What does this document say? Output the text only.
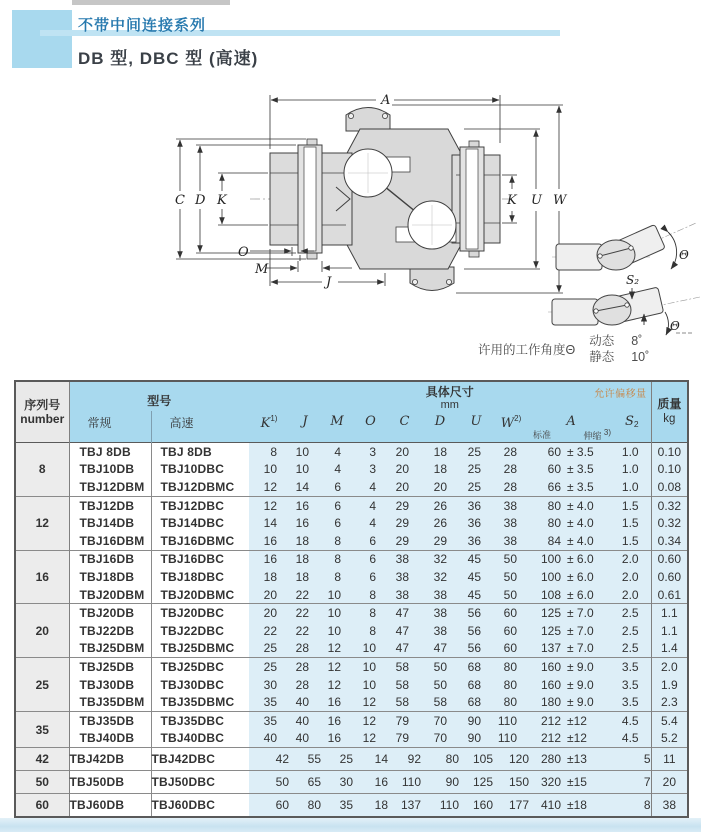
不带中间连接系列
DB 型, DBC 型 (高速)
A
C D K	K U W
O
M
J
Θ
S₂
Θ
许用的工作角度Θ
动态	8˚
静态	10˚
序列号
number
	型号	允许偏移量
具体尺寸
mm	质量
kg

	常规	高速	$K^{1)}$	J	M	O	C	D	U	$W^{2)}$	A
标准 伸缩 $^{3)}$	$S_2$
8	TBJ 8DB	TBJ 8DB	8	10	4	3	20	18	25	28	60 ± 3.5	1.0	0.10
	TBJ10DB	TBJ10DBC	10	10	4	3	20	18	25	28	60 ± 3.5	1.0	0.10
	TBJ12DBM	TBJ12DBMC	12	14	6	4	20	20	25	28	66 ± 3.5	1.0	0.08
12	TBJ12DB	TBJ12DBC	12	16	6	4	29	26	36	38	80 ± 4.0	1.5	0.32
	TBJ14DB	TBJ14DBC	14	16	6	4	29	26	36	38	80 ± 4.0	1.5	0.32
	TBJ16DBM	TBJ16DBMC	16	18	8	6	29	29	36	38	84 ± 4.0	1.5	0.34
16	TBJ16DB	TBJ16DBC	16	18	8	6	38	32	45	50	100 ± 6.0	2.0	0.60
	TBJ18DB	TBJ18DBC	18	18	8	6	38	32	45	50	100 ± 6.0	2.0	0.60
	TBJ20DBM	TBJ20DBMC	20	22	10	8	38	38	45	50	108 ± 6.0	2.0	0.61
20	TBJ20DB	TBJ20DBC	20	22	10	8	47	38	56	60	125 ± 7.0	2.5	1.1
	TBJ22DB	TBJ22DBC	22	22	10	8	47	38	56	60	125 ± 7.0	2.5	1.1
	TBJ25DBM	TBJ25DBMC	25	28	12	10	47	47	56	60	137 ± 7.0	2.5	1.4
25	TBJ25DB	TBJ25DBC	25	28	12	10	58	50	68	80	160 ± 9.0	3.5	2.0
	TBJ30DB	TBJ30DBC	30	28	12	10	58	50	68	80	160 ± 9.0	3.5	1.9
	TBJ35DBM	TBJ35DBMC	35	40	16	12	58	58	68	80	180 ± 9.0	3.5	2.3
35	TBJ35DB	TBJ35DBC	35	40	16	12	79	70	90	110	212 ±12	4.5	5.4
	TBJ40DB	TBJ40DBC	40	40	16	12	79	70	90	110	212 ±12	4.5	5.2
42	TBJ42DB	TBJ42DBC	42	55	25	14	92	80	105	120	280 ±13	5	11
50	TBJ50DB	TBJ50DBC	50	65	30	16	110	90	125	150	320 ±15	7	20
60	TBJ60DB	TBJ60DBC	60	80	35	18	137	110	160	177	410 ±18	8	38
